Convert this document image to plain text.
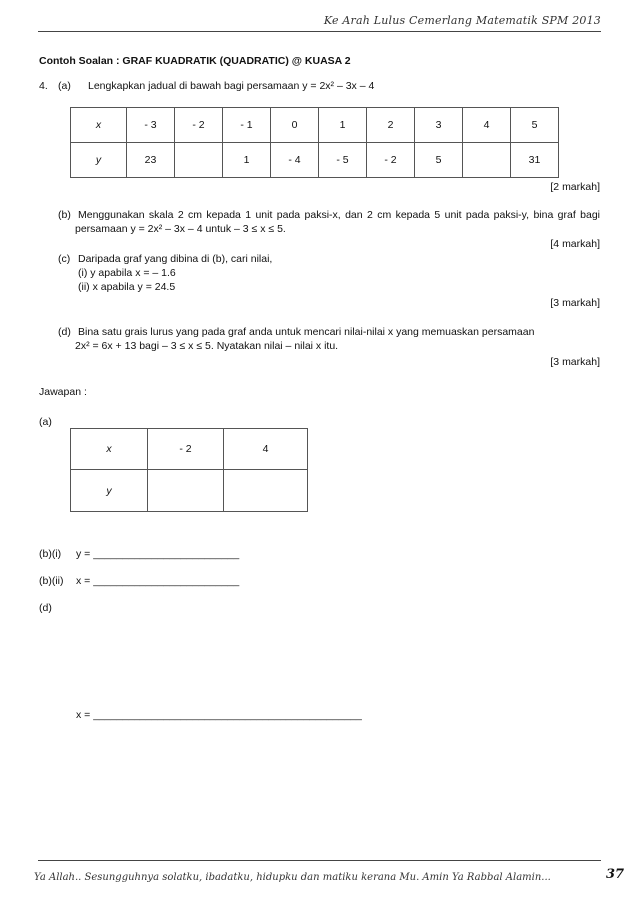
Ke Arah Lulus Cemerlang Matematik SPM 2013
Contoh Soalan : GRAF KUADRATIK (QUADRATIC) @ KUASA 2
4. (a) Lengkapkan jadual di bawah bagi persamaan y = 2x² – 3x – 4
x	- 3	- 2	- 1	0	1	2	3	4	5
y	23		1	- 4	- 5	- 2	5		31
[2 markah]
(b) Menggunakan skala 2 cm kepada 1 unit pada paksi-x, dan 2 cm kepada 5 unit pada paksi-y, bina graf bagi
persamaan y = 2x² – 3x – 4 untuk – 3 ≤ x ≤ 5.
[4 markah]
(c) Daripada graf yang dibina di (b), cari nilai,
(i) y apabila x = – 1.6
(ii) x apabila y = 24.5
[3 markah]
(d) Bina satu grais lurus yang pada graf anda untuk mencari nilai-nilai x yang memuaskan persamaan
2x² = 6x + 13 bagi – 3 ≤ x ≤ 5. Nyatakan nilai – nilai x itu.
[3 markah]
Jawapan :
(a)
x	- 2	4
y		
(b)(i) y = _________________________
(b)(ii) x = _________________________
(d)
x = ______________________________________________
Ya Allah.. Sesungguhnya solatku, ibadatku, hidupku dan matiku kerana Mu. Amin Ya Rabbal Alamin...	37
